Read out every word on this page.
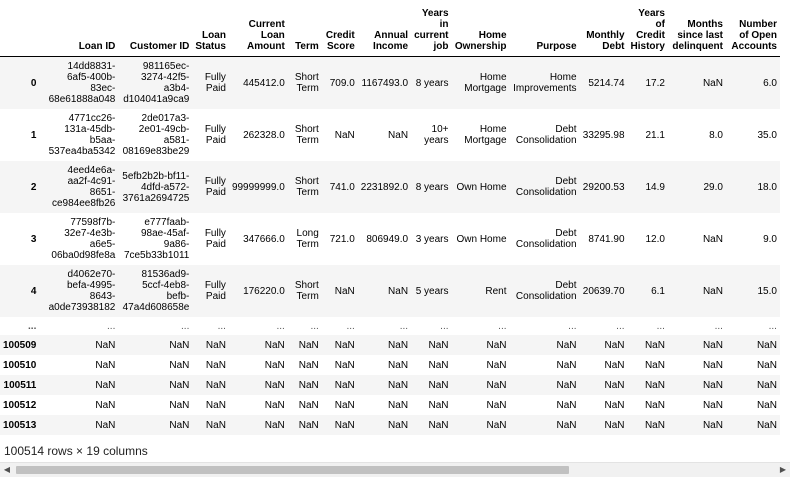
	Loan ID	Customer ID	Loan Status	Current Loan Amount	Term	Credit Score	Annual Income	Years in current job	Home Ownership	Purpose	Monthly Debt	Years of Credit History	Months since last delinquent	Number of Open Accounts
0	14dd8831-6af5-400b-83ec-68e61888a048	981165ec-3274-42f5-a3b4-d104041a9ca9	Fully Paid	445412.0	Short Term	709.0	1167493.0	8 years	Home Mortgage	Home Improvements	5214.74	17.2	NaN	6.0
1	4771cc26-131a-45db-b5aa-537ea4ba5342	2de017a3-2e01-49cb-a581-08169e83be29	Fully Paid	262328.0	Short Term	NaN	NaN	10+ years	Home Mortgage	Debt Consolidation	33295.98	21.1	8.0	35.0
2	4eed4e6a-aa2f-4c91-8651-ce984ee8fb26	5efb2b2b-bf11-4dfd-a572-3761a2694725	Fully Paid	99999999.0	Short Term	741.0	2231892.0	8 years	Own Home	Debt Consolidation	29200.53	14.9	29.0	18.0
3	77598f7b-32e7-4e3b-a6e5-06ba0d98fe8a	e777faab-98ae-45af-9a86-7ce5b33b1011	Fully Paid	347666.0	Long Term	721.0	806949.0	3 years	Own Home	Debt Consolidation	8741.90	12.0	NaN	9.0
4	d4062e70-befa-4995-8643-a0de73938182	81536ad9-5ccf-4eb8-befb-47a4d608658e	Fully Paid	176220.0	Short Term	NaN	NaN	5 years	Rent	Debt Consolidation	20639.70	6.1	NaN	15.0
...	...	...	...	...	...	...	...	...	...	...	...	...	...	...
100509	NaN	NaN	NaN	NaN	NaN	NaN	NaN	NaN	NaN	NaN	NaN	NaN	NaN	NaN
100510	NaN	NaN	NaN	NaN	NaN	NaN	NaN	NaN	NaN	NaN	NaN	NaN	NaN	NaN
100511	NaN	NaN	NaN	NaN	NaN	NaN	NaN	NaN	NaN	NaN	NaN	NaN	NaN	NaN
100512	NaN	NaN	NaN	NaN	NaN	NaN	NaN	NaN	NaN	NaN	NaN	NaN	NaN	NaN
100513	NaN	NaN	NaN	NaN	NaN	NaN	NaN	NaN	NaN	NaN	NaN	NaN	NaN	NaN
100514 rows × 19 columns
◀	▶
